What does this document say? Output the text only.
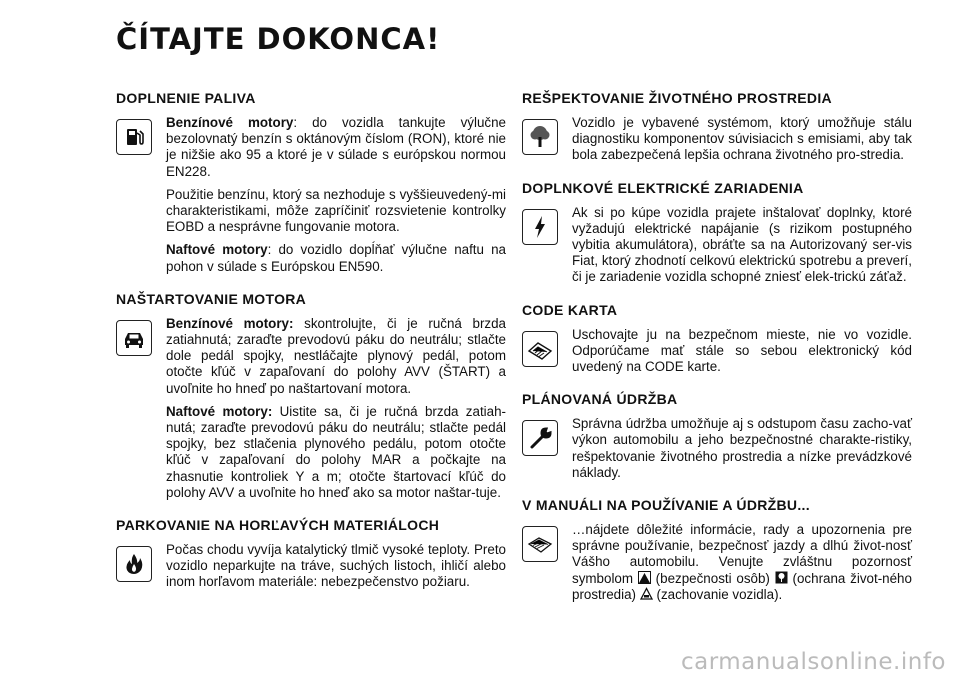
ČÍTAJTE DOKONCA!
DOPLNENIE PALIVA

Benzínové motory: do vozidla tankujte výlučne bezolovnatý benzín s oktánovým číslom (RON), ktoré nie je nižšie ako 95 a ktoré je v súlade s európskou normou EN228.

Použitie benzínu, ktorý sa nezhoduje s vyššieuvedený-mi charakteristikami, môže zapríčiniť rozsvietenie kontrolky EOBD a nesprávne fungovanie motora.

Naftové motory: do vozidlo dopĺňať výlučne naftu na pohon v súlade s Európskou EN590.

NAŠTARTOVANIE MOTORA

Benzínové motory: skontrolujte, či je ručná brzda zatiahnutá; zaraďte prevodovú páku do neutrálu; stlačte dole pedál spojky, nestláčajte plynový pedál, potom otočte kľúč v zapaľovaní do polohy AVV (ŠTART) a uvoľnite ho hneď po naštartovaní motora.

Naftové motory: Uistite sa, či je ručná brzda zatiah-nutá; zaraďte prevodovú páku do neutrálu; stlačte pedál spojky, bez stlačenia plynového pedálu, potom otočte kľúč v zapaľovaní do polohy MAR a počkajte na zhasnutie kontroliek Y a m; otočte štartovací kľúč do polohy AVV a uvoľnite ho hneď ako sa motor naštar-tuje.

PARKOVANIE NA HORĽAVÝCH MATERIÁLOCH

Počas chodu vyvíja katalytický tlmič vysoké teploty. Preto vozidlo neparkujte na tráve, suchých listoch, ihličí alebo inom horľavom materiále: nebezpečenstvo požiaru.

REŠPEKTOVANIE ŽIVOTNÉHO PROSTREDIA

Vozidlo je vybavené systémom, ktorý umožňuje stálu diagnostiku komponentov súvisiacich s emisiami, aby tak bola zabezpečená lepšia ochrana životného pro-stredia.

DOPLNKOVÉ ELEKTRICKÉ ZARIADENIA

Ak si po kúpe vozidla prajete inštalovať doplnky, ktoré vyžadujú elektrické napájanie (s rizikom postupného vybitia akumulátora), obráťte sa na Autorizovaný ser-vis Fiat, ktorý zhodnotí celkovú elektrickú spotrebu a preverí, či je zariadenie vozidla schopné zniesť elek-trickú záťaž.

CODE KARTA

Uschovajte ju na bezpečnom mieste, nie vo vozidle. Odporúčame mať stále so sebou elektronický kód uvedený na CODE karte.

PLÁNOVANÁ ÚDRŽBA

Správna údržba umožňuje aj s odstupom času zacho-vať výkon automobilu a jeho bezpečnostné charakte-ristiky, rešpektovanie životného prostredia a nízke prevádzkové náklady.

V MANUÁLI NA POUŽÍVANIE A ÚDRŽBU...

…nájdete dôležité informácie, rady a upozornenia pre správne používanie, bezpečnosť jazdy a dlhú život-nosť Vášho automobilu. Venujte zvláštnu pozornosť symbolom (bezpečnosti osôb) (ochrana život-ného prostredia) (zachovanie vozidla).

carmanualsonline.info
